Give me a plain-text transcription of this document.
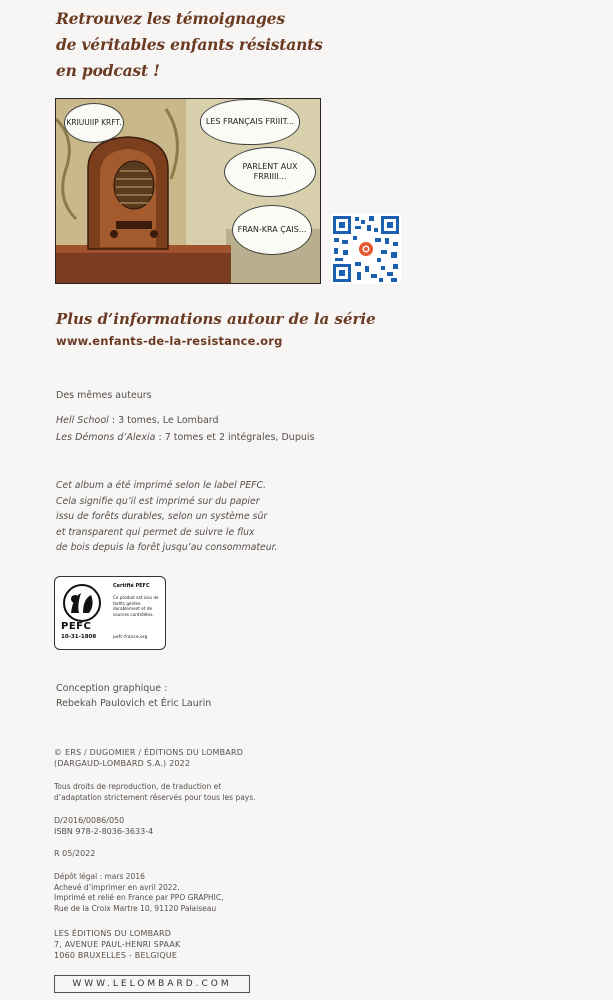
Retrouvez les témoignages
de véritables enfants résistants
en podcast !
KRIUUIIP KRFT.	LES FRANÇAIS FRIIIT...
PARLENT AUX FRRIIII...
FRAN-KRA ÇAIS...
Plus d’informations autour de la série
www.enfants-de-la-resistance.org
Des mêmes auteurs
Hell School : 3 tomes, Le Lombard
Les Démons d’Alexia : 7 tomes et 2 intégrales, Dupuis
Cet album a été imprimé selon le label PEFC.
Cela signifie qu’il est imprimé sur du papier
issu de forêts durables, selon un système sûr
et transparent qui permet de suivre le flux
de bois depuis la forêt jusqu’au consommateur.
PEFC
10-31-1808
Certifié PEFC
Ce produit est issu de forêts gérées durablement et de sources contrôlées.
pefc-france.org
Conception graphique :
Rebekah Paulovich et Éric Laurin
© ERS / DUGOMIER / ÉDITIONS DU LOMBARD
(DARGAUD-LOMBARD S.A.) 2022
Tous droits de reproduction, de traduction et
d’adaptation strictement réservés pour tous les pays.
D/2016/0086/050
ISBN 978-2-8036-3633-4
R 05/2022
Dépôt légal : mars 2016
Achevé d’imprimer en avril 2022.
Imprimé et relié en France par PPO GRAPHIC,
Rue de la Croix Martre 10, 91120 Palaiseau
LES ÉDITIONS DU LOMBARD
7, AVENUE PAUL-HENRI SPAAK
1060 BRUXELLES - BELGIQUE
WWW.LELOMBARD.COM
